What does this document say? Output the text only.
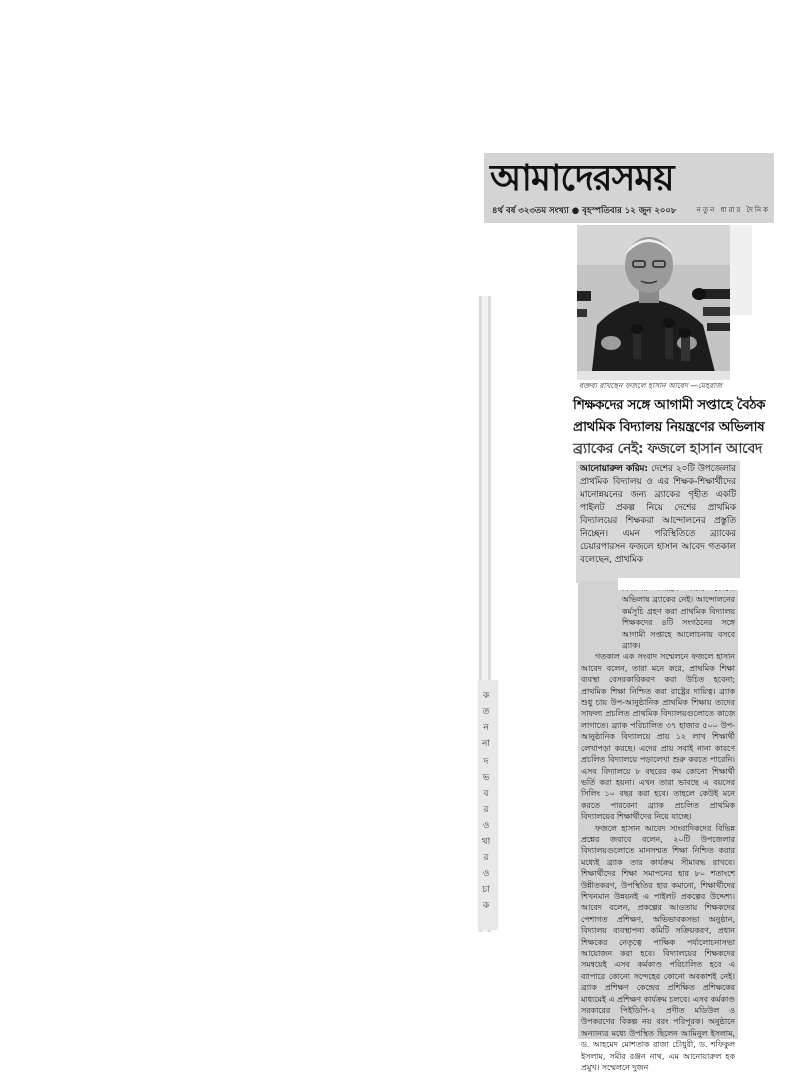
ক
ত
ন
না
দ
ভ
ব
র
ও
থা
র
ও
চা
ক
আমাদেরসময়
৪র্থ বর্ষ ৩২৩তম সংখ্যা ● বৃহস্পতিবার ১২ জুন ২০০৮	নতুন ধারার দৈনিক
বক্তব্য রাখছেন ফজলে হাসান আবেদ —মেহরাজ
শিক্ষকদের সঙ্গে আগামী সপ্তাহে বৈঠক
প্রাথমিক বিদ্যালয় নিয়ন্ত্রণের অভিলাষ
ব্র্যাকের নেই: ফজলে হাসান আবেদ

আনোয়ারুল করিম: দেশের ২০টি উপজেলার প্রাথমিক বিদ্যালয় ও এর শিক্ষক-শিক্ষার্থীদের মানোন্নয়নের জন্য ব্র্যাকের গৃহীত একটি পাইলট প্রকল্প নিয়ে দেশের প্রাথমিক বিদ্যালয়ের শিক্ষকরা আন্দোলনের প্রস্তুতি নিচ্ছেন। এমন পরিস্থিতিতে ব্র্যাকের চেয়ারপারসন ফজলে হাসান আবেদ গতকাল বলেছেন, প্রাথমিক

অভিলাষ ব্র্যাকের নেই। আন্দোলনের কর্মসূচি গ্রহণ করা প্রাথমিক বিদ্যালয় শিক্ষকদের ৪টি সংগঠনের সঙ্গে আগামী সপ্তাহে আলোচনায় বসবে ব্র্যাক।

গতকাল এক সংবাদ সম্মেলনে ফজলে হাসান আবেদ বলেন, তারা মনে করে, প্রাথমিক শিক্ষা ব্যবস্থা বেসরকারিকরণ করা উচিত হবেনা; প্রাথমিক শিক্ষা নিশ্চিত করা রাষ্ট্রের দায়িত্ব। ব্র্যাক শুধু চায় উপ-আনুষ্ঠানিক প্রাথমিক শিক্ষায় তাদের সাফল্য প্রচলিত প্রাথমিক বিদ্যালয়গুলোতে কাজে লাগাতে। ব্র্যাক পরিচালিত ৩৭ হাজার ৫০০ উপ-আনুষ্ঠানিক বিদ্যালয়ে প্রায় ১২ লাখ শিক্ষার্থী লেখাপড়া করছে। এদের প্রায় সবাই নানা কারণে প্রচলিত বিদ্যালয়ে পড়ালেখা শুরু করতে পারেনি। এসব বিদ্যালয়ে ৮ বছরের কম কোনো শিক্ষার্থী ভর্তি করা হয়না। এখন তারা ভাবছে এ বয়সের সিলিং ১০ বছর করা হবে। তাহলে কেউই মনে করতে পারবেনা ব্র্যাক প্রচলিত প্রাথমিক বিদ্যালয়ের শিক্ষার্থীদের নিয়ে যাচ্ছে।

ফজলে হাসান আবেদ সাংবাদিকদের বিভিন্ন প্রশ্নের জবাবে বলেন, ২০টি উপজেলার বিদ্যালয়গুলোতে মানসম্মত শিক্ষা নিশ্চিত করার মধ্যেই ব্র্যাক তার কার্যক্রম সীমাবদ্ধ রাখবে। শিক্ষার্থীদের শিক্ষা সমাপনের হার ৮০ শতাংশে উন্নীতকরণ, উপস্থিতির হার কমানো, শিক্ষার্থীদের শিখনমান উন্নয়নই এ পাইলট প্রকল্পের উদ্দেশ্য। আবেদ বলেন, প্রকল্পের আওতায় শিক্ষকদের পেশাগত প্রশিক্ষণ, অভিভাবকসভা অনুষ্ঠান, বিদ্যালয় ব্যবস্থাপনা কমিটি সক্রিয়করণ, প্রধান শিক্ষকের নেতৃত্বে পাক্ষিক পর্যালোচনাসভা আয়োজন করা হবে। বিদ্যালয়ের শিক্ষকদের সমন্বয়েই এসব কর্মকাণ্ড পরিচালিত হবে এ ব্যাপারে কোনো সন্দেহের কোনো অবকাশই নেই। ব্র্যাক প্রশিক্ষণ কেন্দ্রের প্রশিক্ষিত প্রশিক্ষকের মাধ্যমেই এ প্রশিক্ষণ কার্যক্রম চলবে। এসব কর্মকাণ্ড সরকারের পিইডিপি-২ প্রণীত মডিউল ও উপকরণের বিকল্প নয় বরং পরিপূরক। অনুষ্ঠানে অন্যান্যর মধ্যে উপস্থিত ছিলেন আমিনুল ইসলাম, ড. আহমেদ মোশতাক রাজা চৌধুরী, ড. শফিকুল ইসলাম, সমীর রঞ্জন নাথ, এম আনোয়ারুল হক প্রমুখ। সম্মেলনে দুজন
